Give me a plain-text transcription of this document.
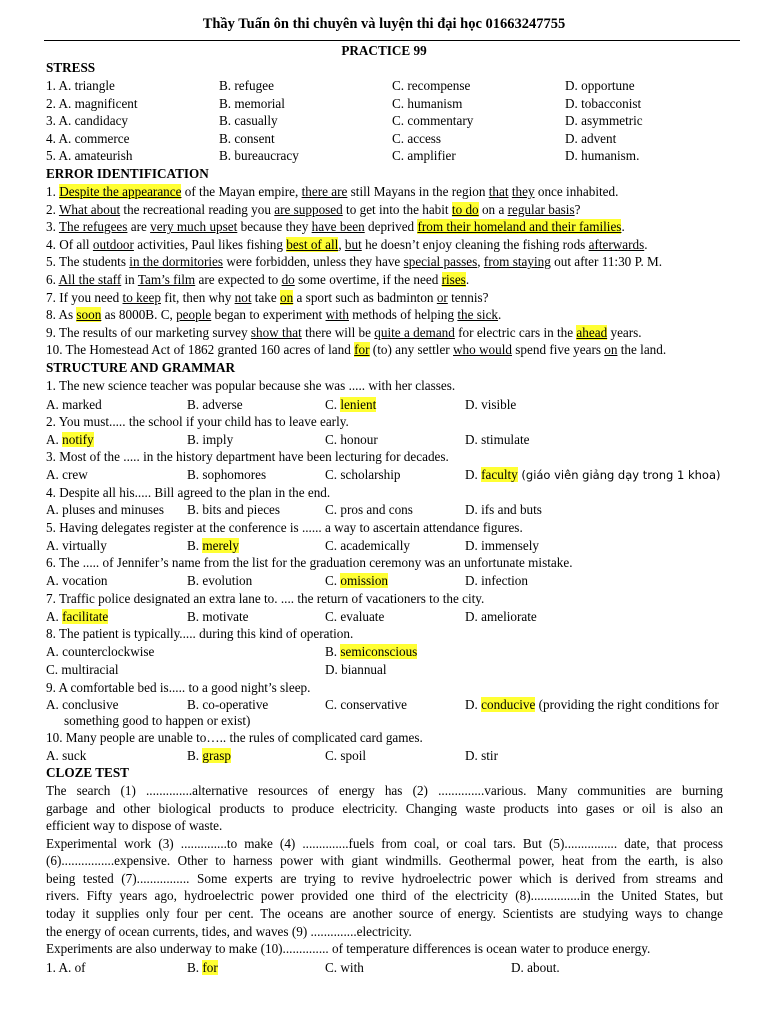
Thầy Tuấn ôn thi chuyên và luyện thi đại học 01663247755
PRACTICE 99
STRESS
1. A. triangle	B. refugee	C. recompense	D. opportune
2. A. magnificent	B. memorial	C. humanism	D. tobacconist
3. A. candidacy	B. casually	C. commentary	D. asymmetric
4. A. commerce	B. consent	C. access	D. advent
5. A. amateurish	B. bureaucracy	C. amplifier	D. humanism.
ERROR IDENTIFICATION
1. Despite the appearance of the Mayan empire, there are still Mayans in the region that they once inhabited.
2. What about the recreational reading you are supposed to get into the habit to do on a regular basis?
3. The refugees are very much upset because they have been deprived from their homeland and their families.
4. Of all outdoor activities, Paul likes fishing best of all, but he doesn’t enjoy cleaning the fishing rods afterwards.
5. The students in the dormitories were forbidden, unless they have special passes, from staying out after 11:30 P. M.
6. All the staff in Tam’s film are expected to do some overtime, if the need rises.
7. If you need to keep fit, then why not take on a sport such as badminton or tennis?
8. As soon as 8000B. C, people began to experiment with methods of helping the sick.
9. The results of our marketing survey show that there will be quite a demand for electric cars in the ahead years.
10. The Homestead Act of 1862 granted 160 acres of land for (to) any settler who would spend five years on the land.
STRUCTURE AND GRAMMAR
1. The new science teacher was popular because she was ..... with her classes.
A. marked	B. adverse	C. lenient	D. visible
2. You must..... the school if your child has to leave early.
A. notify	B. imply	C. honour	D. stimulate
3. Most of the ..... in the history department have been lecturing for decades.
A. crew	B. sophomores	C. scholarship	D. faculty (giáo viên giảng dạy trong 1 khoa)
4. Despite all his..... Bill agreed to the plan in the end.
A. pluses and minuses B. bits and pieces	C. pros and cons	D. ifs and buts
5. Having delegates register at the conference is ...... a way to ascertain attendance figures.
A. virtually	B. merely	C. academically	D. immensely
6. The ..... of Jennifer’s name from the list for the graduation ceremony was an unfortunate mistake.
A. vocation	B. evolution	C. omission	D. infection
7. Traffic police designated an extra lane to. .... the return of vacationers to the city.
A. facilitate	B. motivate	C. evaluate	D. ameliorate
8. The patient is typically..... during this kind of operation.
A. counterclockwise	B. semiconscious
C. multiracial	D. biannual
9. A comfortable bed is..... to a good night’s sleep.
A. conclusive	B. co-operative	C. conservative	D. conducive (providing the right conditions for
something good to happen or exist)
10. Many people are unable to….. the rules of complicated card games.
A. suck	B. grasp	C. spoil	D. stir
CLOZE TEST
The search (1) ..............alternative resources of energy has (2) ..............various. Many communities are burning
garbage and other biological products to produce electricity. Changing waste products into gases or oil is also an
efficient way to dispose of waste.
Experimental work (3) ..............to make (4) ..............fuels from coal, or coal tars. But (5)................ date, that process
(6)................expensive. Other to harness power with giant windmills. Geothermal power, heat from the earth, is also
being tested (7)................ Some experts are trying to revive hydroelectric power which is derived from streams and
rivers. Fifty years ago, hydroelectric power provided one third of the electricity (8)...............in the United States, but
today it supplies only four per cent. The oceans are another source of energy. Scientists are studying ways to change
the energy of ocean currents, tides, and waves (9) ..............electricity.
Experiments are also underway to make (10).............. of temperature differences is ocean water to produce energy.
1. A. of	B. for	C. with	D. about.
